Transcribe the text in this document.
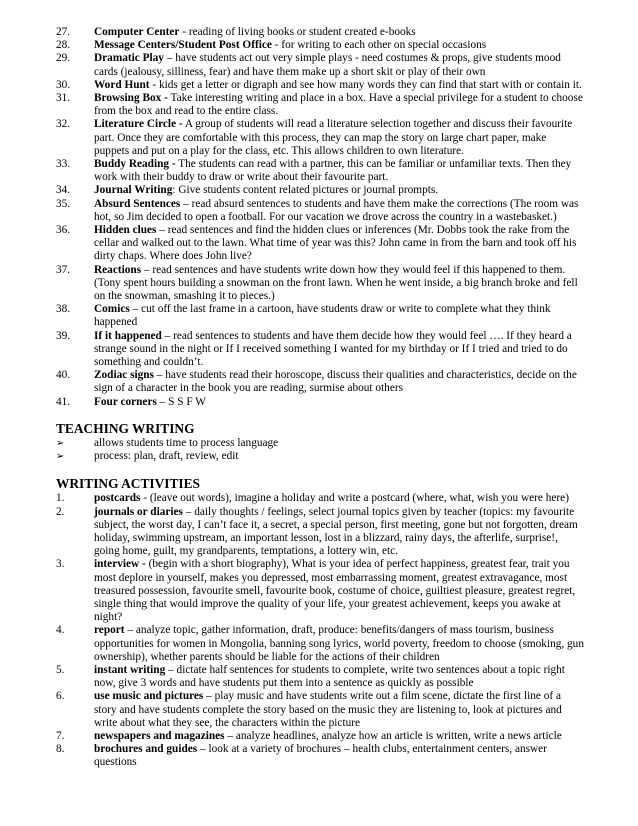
27.	Computer Center - reading of living books or student created e-books
28.	Message Centers/Student Post Office - for writing to each other on special occasions
29.	Dramatic Play – have students act out very simple plays - need costumes & props, give students mood cards (jealousy, silliness, fear) and have them make up a short skit or play of their own
30.	Word Hunt - kids get a letter or digraph and see how many words they can find that start with or contain it.
31.	Browsing Box - Take interesting writing and place in a box. Have a special privilege for a student to choose from the box and read to the entire class.
32.	Literature Circle - A group of students will read a literature selection together and discuss their favourite part. Once they are comfortable with this process, they can map the story on large chart paper, make puppets and put on a play for the class, etc. This allows children to own literature.
33.	Buddy Reading - The students can read with a partner, this can be familiar or unfamiliar texts. Then they work with their buddy to draw or write about their favourite part.
34.	Journal Writing: Give students content related pictures or journal prompts.
35.	Absurd Sentences – read absurd sentences to students and have them make the corrections (The room was hot, so Jim decided to open a football. For our vacation we drove across the country in a wastebasket.)
36.	Hidden clues – read sentences and find the hidden clues or inferences (Mr. Dobbs took the rake from the cellar and walked out to the lawn. What time of year was this? John came in from the barn and took off his dirty chaps. Where does John live?
37.	Reactions – read sentences and have students write down how they would feel if this happened to them. (Tony spent hours building a snowman on the front lawn. When he went inside, a big branch broke and fell on the snowman, smashing it to pieces.)
38.	Comics – cut off the last frame in a cartoon, have students draw or write to complete what they think happened
39.	If it happened – read sentences to students and have them decide how they would feel …. If they heard a strange sound in the night or If I received something I wanted for my birthday or If I tried and tried to do something and couldn’t.
40.	Zodiac signs – have students read their horoscope, discuss their qualities and characteristics, decide on the sign of a character in the book you are reading, surmise about others
41.	Four corners – S S F W
TEACHING WRITING
➢	allows students time to process language
➢	process: plan, draft, review, edit
WRITING ACTIVITIES
1.	postcards - (leave out words), imagine a holiday and write a postcard (where, what, wish you were here)
2.	journals or diaries – daily thoughts / feelings, select journal topics given by teacher (topics: my favourite subject, the worst day, I can’t face it, a secret, a special person, first meeting, gone but not forgotten, dream holiday, swimming upstream, an important lesson, lost in a blizzard, rainy days, the afterlife, surprise!, going home, guilt, my grandparents, temptations, a lottery win, etc.
3.	interview - (begin with a short biography), What is your idea of perfect happiness, greatest fear, trait you most deplore in yourself, makes you depressed, most embarrassing moment, greatest extravagance, most treasured possession, favourite smell, favourite book, costume of choice, guiltiest pleasure, greatest regret, single thing that would improve the quality of your life, your greatest achievement, keeps you awake at night?
4.	report – analyze topic, gather information, draft, produce: benefits/dangers of mass tourism, business opportunities for women in Mongolia, banning song lyrics, world poverty, freedom to choose (smoking, gun ownership), whether parents should be liable for the actions of their children
5.	instant writing – dictate half sentences for students to complete, write two sentences about a topic right now, give 3 words and have students put them into a sentence as quickly as possible
6.	use music and pictures – play music and have students write out a film scene, dictate the first line of a story and have students complete the story based on the music they are listening to, look at pictures and write about what they see, the characters within the picture
7.	newspapers and magazines – analyze headlines, analyze how an article is written, write a news article
8.	brochures and guides – look at a variety of brochures – health clubs, entertainment centers, answer questions
